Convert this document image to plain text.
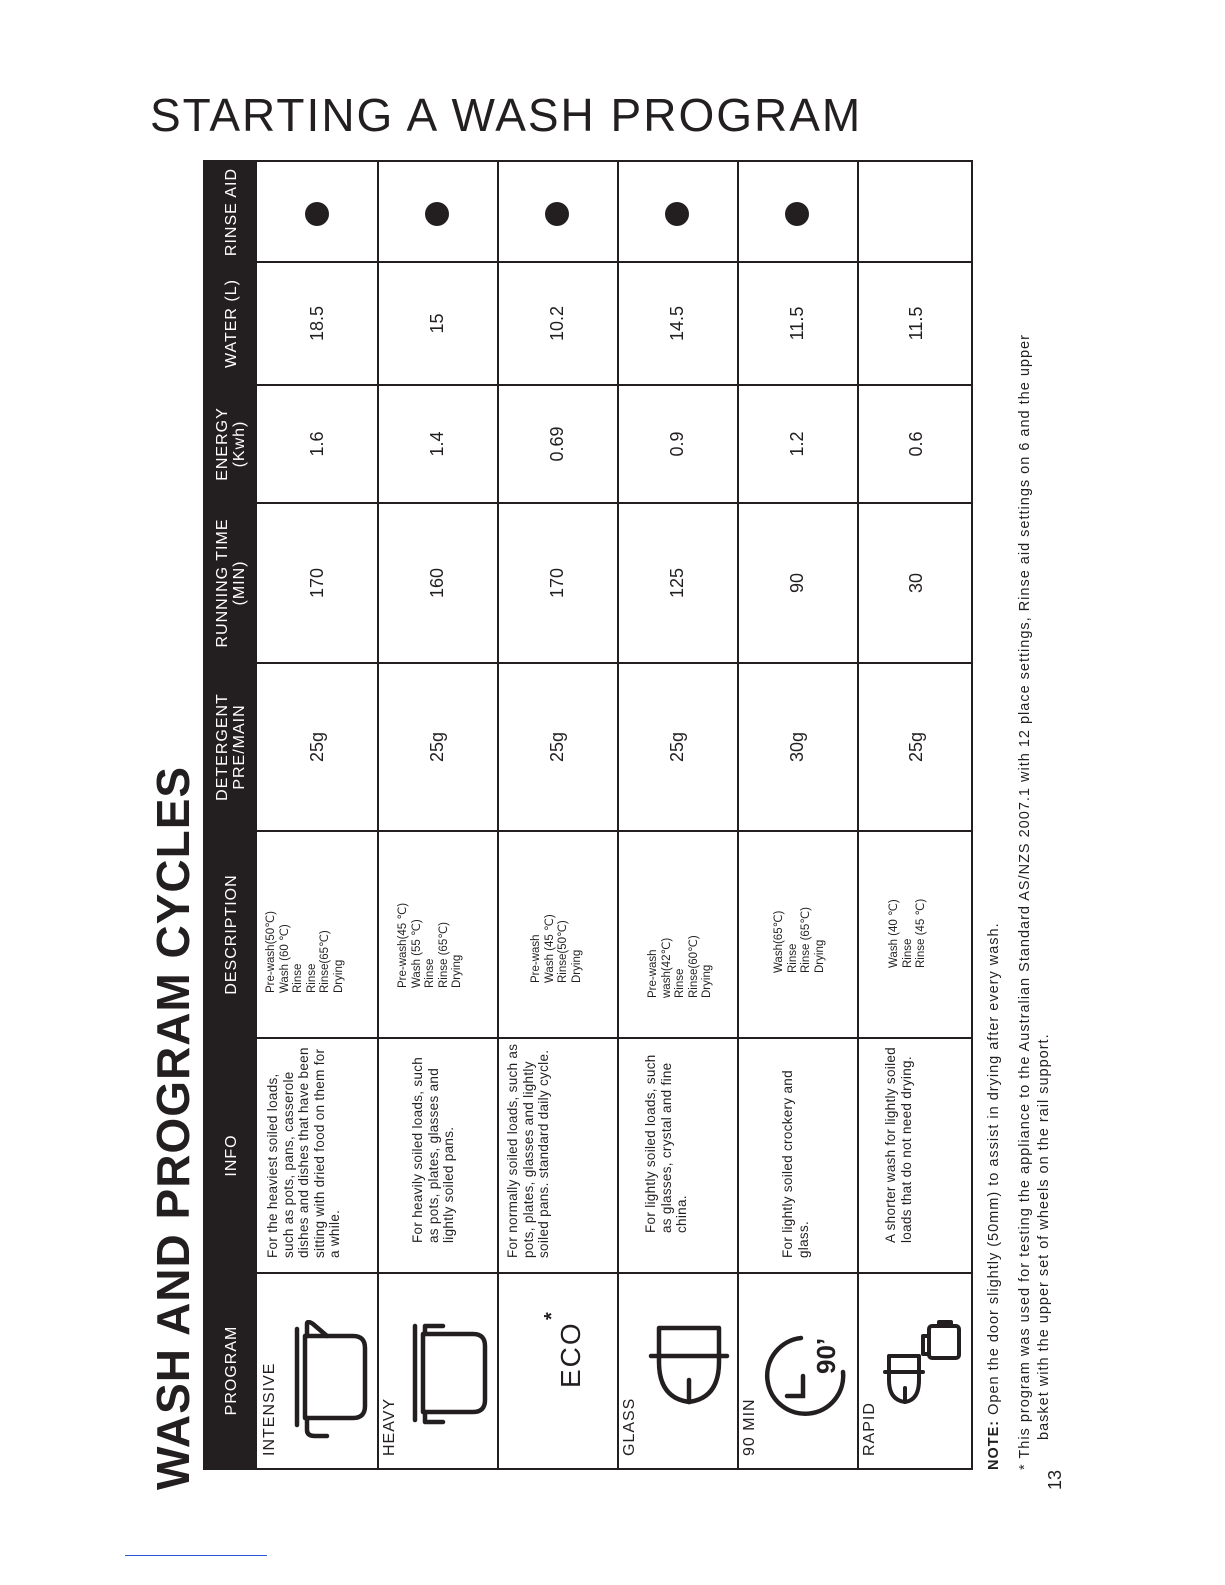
STARTING A WASH PROGRAM
WASH AND PROGRAM CYCLES	PROGRAM
INFO
DESCRIPTION
DETERGENT PRE/MAIN
RUNNING TIME (MIN)
ENERGY (Kwh)
WATER (L)
RINSE AID
INTENSIVE
For the heaviest soiled loads, such as pots, pans, casserole dishes and dishes that have been sitting with dried food on them for a while.
Pre-wash(50℃) Wash (60 ℃) Rinse Rinse Rinse(65℃) Drying
25g
170
1.6
18.5
HEAVY
For heavily soiled loads, such as pots, plates, glasses and lightly soiled pans.
Pre-wash(45 ℃) Wash (55 ℃) Rinse Rinse (65℃) Drying
25g
160
1.4
15
ECO
*
For normally soiled loads, such as pots, plates, glasses and lightly soiled pans. standard daily cycle.
Pre-wash Wash (45 ℃) Rinse(50℃) Drying
25g
170
0.69
10.2
GLASS
For lightly soiled loads, such as glasses, crystal and fine china.
Pre-wash wash(42℃) Rinse Rinse(60℃) Drying
25g
125
0.9
14.5
90 MIN
90’
For lightly soiled crockery and glass.
Wash(65℃) Rinse Rinse (65℃) Drying
30g
90
1.2
11.5
RAPID
A shorter wash for lightly soiled loads that do not need drying.
Wash (40 ℃) Rinse Rinse (45 ℃)
25g
30
0.6
11.5
NOTE: Open the door slightly (50mm) to assist in drying after every wash. * This program was used for testing the appliance to the Australian Standard AS/NZS 2007.1 with 12 place settings, Rinse aid settings on 6 and the upper basket with the upper set of wheels on the rail support.
13
